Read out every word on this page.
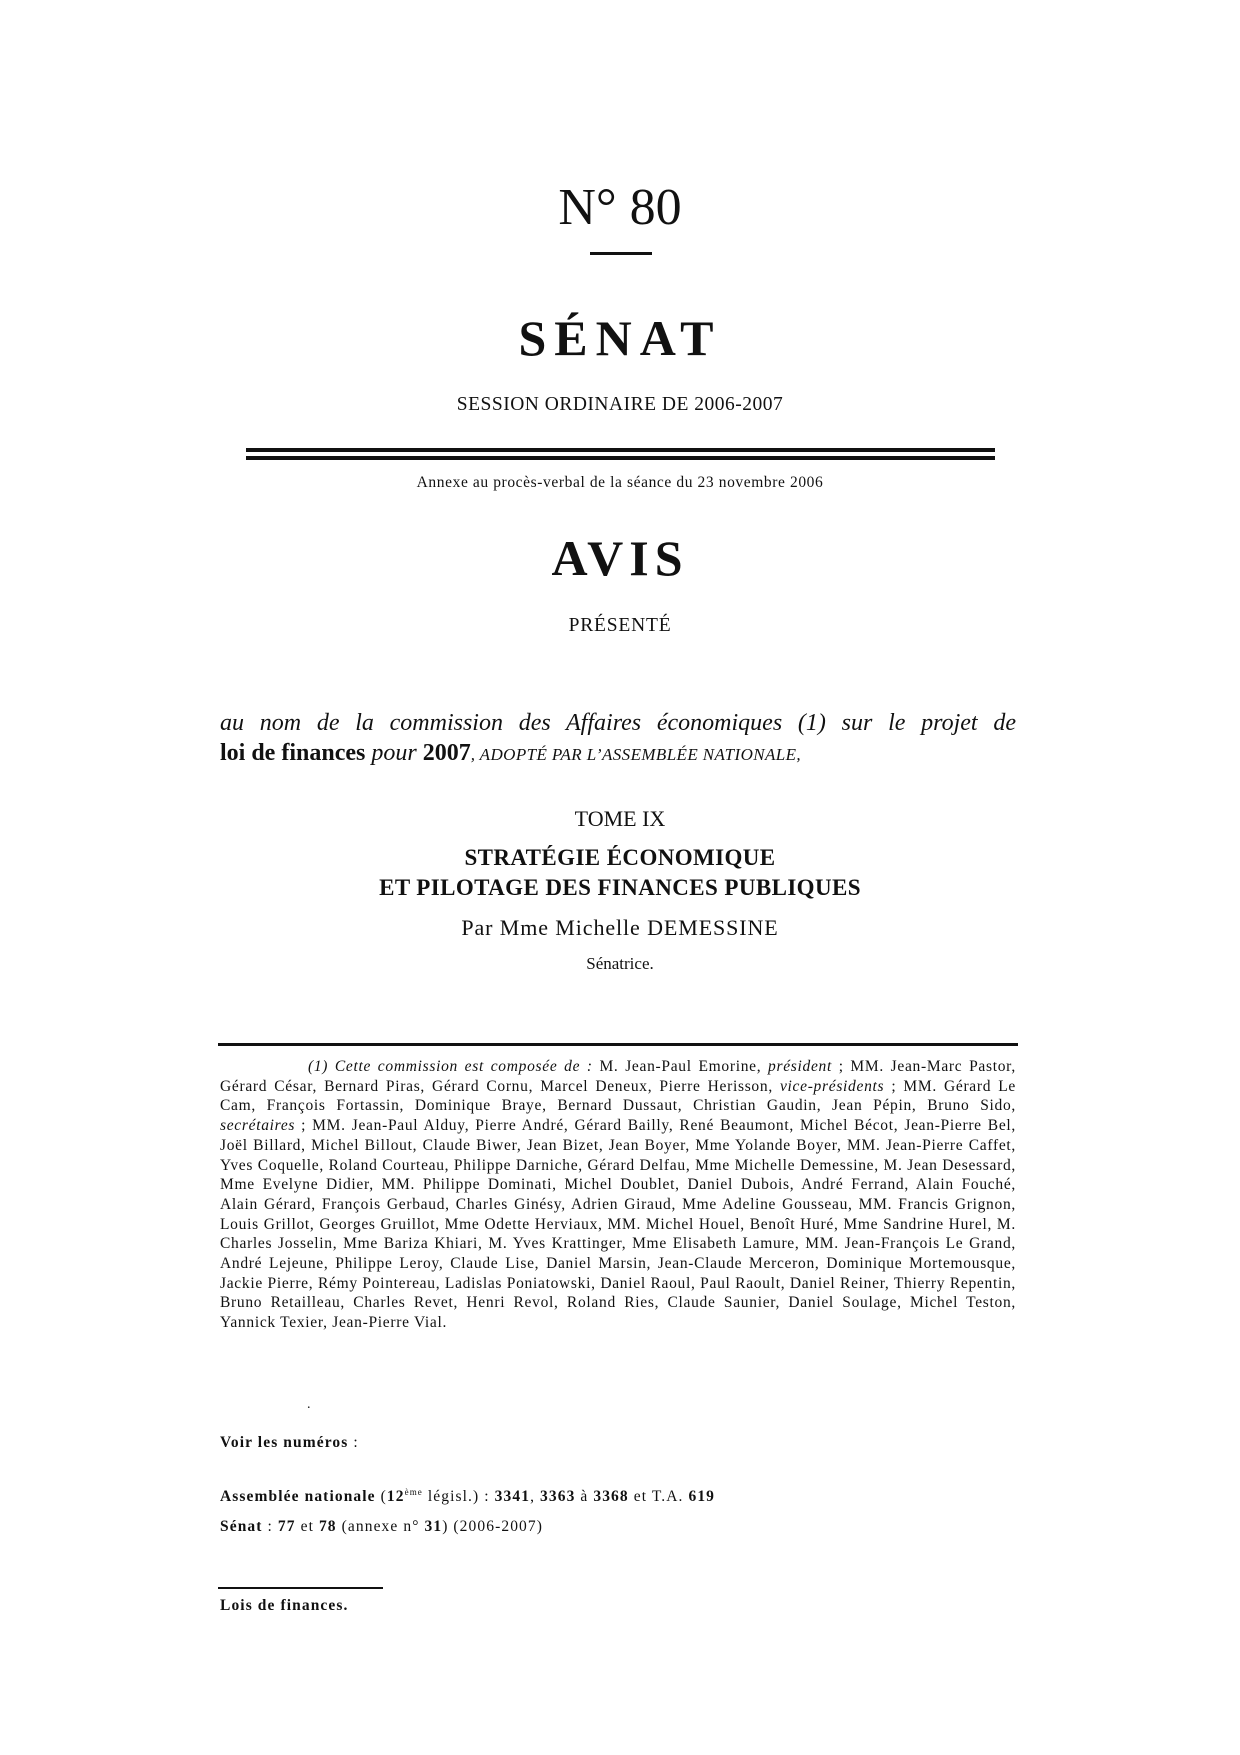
N° 80
SÉNAT
SESSION ORDINAIRE DE 2006-2007
Annexe au procès-verbal de la séance du 23 novembre 2006
AVIS
PRÉSENTÉ
au nom de la commission des Affaires économiques (1) sur le projet de
loi de finances pour 2007, ADOPTÉ PAR L’ASSEMBLÉE NATIONALE,
TOME IX
STRATÉGIE ÉCONOMIQUE
ET PILOTAGE DES FINANCES PUBLIQUES
Par Mme Michelle DEMESSINE
Sénatrice.
(1) Cette commission est composée de : M. Jean-Paul Emorine, président ; MM. Jean-Marc Pastor, Gérard César, Bernard Piras, Gérard Cornu, Marcel Deneux, Pierre Herisson, vice-présidents ; MM. Gérard Le Cam, François Fortassin, Dominique Braye, Bernard Dussaut, Christian Gaudin, Jean Pépin, Bruno Sido, secrétaires ; MM. Jean-Paul Alduy, Pierre André, Gérard Bailly, René Beaumont, Michel Bécot, Jean-Pierre Bel, Joël Billard, Michel Billout, Claude Biwer, Jean Bizet, Jean Boyer, Mme Yolande Boyer, MM. Jean-Pierre Caffet, Yves Coquelle, Roland Courteau, Philippe Darniche, Gérard Delfau, Mme Michelle Demessine, M. Jean Desessard, Mme Evelyne Didier, MM. Philippe Dominati, Michel Doublet, Daniel Dubois, André Ferrand, Alain Fouché, Alain Gérard, François Gerbaud, Charles Ginésy, Adrien Giraud, Mme Adeline Gousseau, MM. Francis Grignon, Louis Grillot, Georges Gruillot, Mme Odette Herviaux, MM. Michel Houel, Benoît Huré, Mme Sandrine Hurel, M. Charles Josselin, Mme Bariza Khiari, M. Yves Krattinger, Mme Elisabeth Lamure, MM. Jean-François Le Grand, André Lejeune, Philippe Leroy, Claude Lise, Daniel Marsin, Jean-Claude Merceron, Dominique Mortemousque, Jackie Pierre, Rémy Pointereau, Ladislas Poniatowski, Daniel Raoul, Paul Raoult, Daniel Reiner, Thierry Repentin, Bruno Retailleau, Charles Revet, Henri Revol, Roland Ries, Claude Saunier, Daniel Soulage, Michel Teston, Yannick Texier, Jean-Pierre Vial.
.
Voir les numéros :
Assemblée nationale (12ème législ.) : 3341, 3363 à 3368 et T.A. 619
Sénat : 77 et 78 (annexe n° 31) (2006-2007)
Lois de finances.
